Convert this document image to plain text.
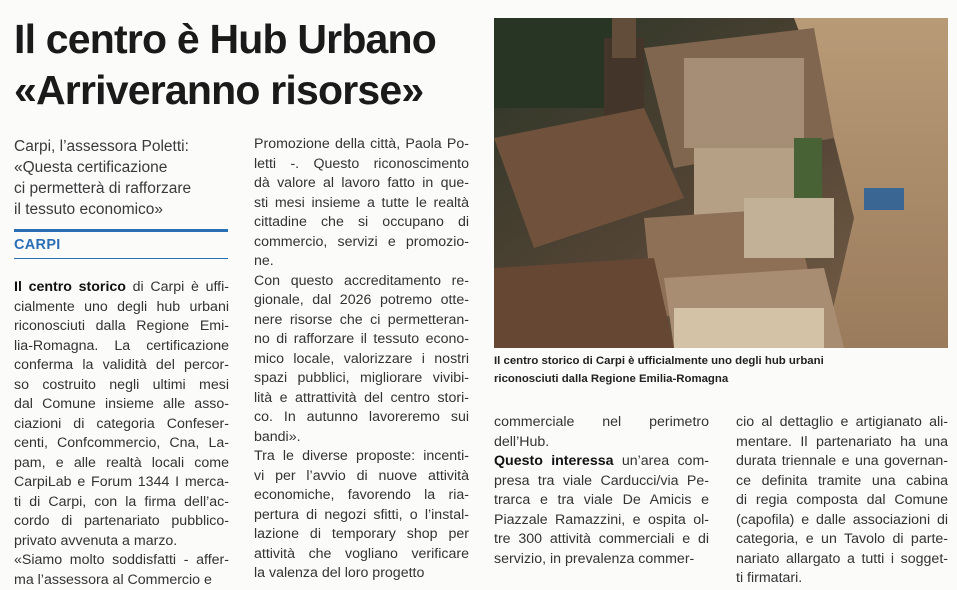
Il centro è Hub Urbano
«Arriveranno risorse»
Carpi, l’assessora Poletti:
«Questa certificazione
ci permetterà di rafforzare
il tessuto economico»
CARPI
Il centro storico di Carpi è uffi-
cialmente uno degli hub urbani
riconosciuti dalla Regione Emi-
lia-Romagna. La certificazione
conferma la validità del percor-
so costruito negli ultimi mesi
dal Comune insieme alle asso-
ciazioni di categoria Confeser-
centi, Confcommercio, Cna, La-
pam, e alle realtà locali come
CarpiLab e Forum 1344 I merca-
ti di Carpi, con la firma dell’ac-
cordo di partenariato pubblico-
privato avvenuta a marzo.
«Siamo molto soddisfatti - affer-
ma l’assessora al Commercio e
Promozione della città, Paola Po-
letti -. Questo riconoscimento
dà valore al lavoro fatto in que-
sti mesi insieme a tutte le realtà
cittadine che si occupano di
commercio, servizi e promozio-
ne.
Con questo accreditamento re-
gionale, dal 2026 potremo otte-
nere risorse che ci permetteran-
no di rafforzare il tessuto econo-
mico locale, valorizzare i nostri
spazi pubblici, migliorare vivibi-
lità e attrattività del centro stori-
co. In autunno lavoreremo sui
bandi».
Tra le diverse proposte: incenti-
vi per l’avvio di nuove attività
economiche, favorendo la ria-
pertura di negozi sfitti, o l’instal-
lazione di temporary shop per
attività che vogliano verificare
la valenza del loro progetto
Il centro storico di Carpi è ufficialmente uno degli hub urbani
riconosciuti dalla Regione Emilia-Romagna
commerciale nel perimetro
dell’Hub.
Questo interessa un’area com-
presa tra viale Carducci/via Pe-
trarca e tra viale De Amicis e
Piazzale Ramazzini, e ospita ol-
tre 300 attività commerciali e di
servizio, in prevalenza commer-
cio al dettaglio e artigianato ali-
mentare. Il partenariato ha una
durata triennale e una governan-
ce definita tramite una cabina
di regia composta dal Comune
(capofila) e dalle associazioni di
categoria, e un Tavolo di parte-
nariato allargato a tutti i sogget-
ti firmatari.
